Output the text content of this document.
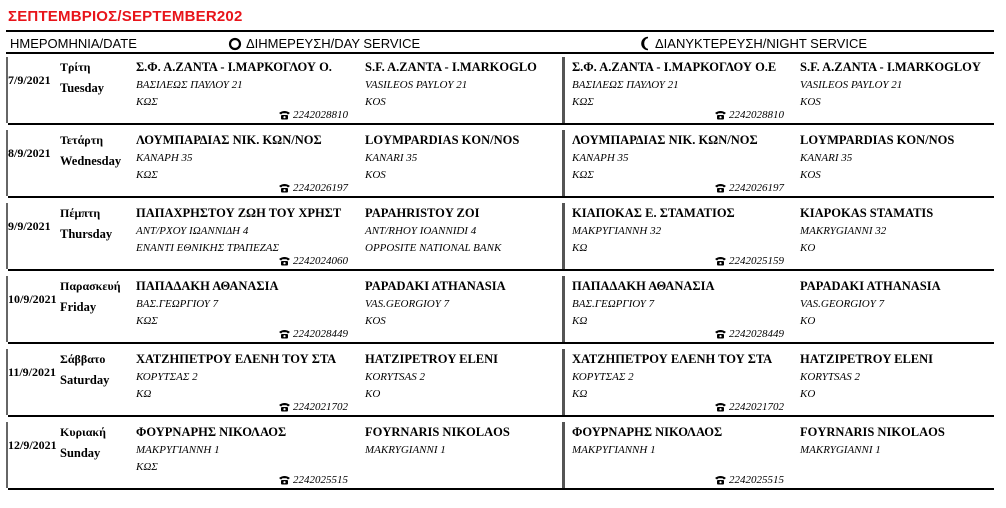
ΣΕΠΤΕΜΒΡΙΟΣ/SEPTEMBER202
ΗΜΕΡΟΜΗΝΙΑ/DATE	ΔΙΗΜΕΡΕΥΣΗ/DAY SERVICE	ΔΙΑΝΥΚΤΕΡΕΥΣΗ/NIGHT SERVICE
7/9/2021
Τρίτη
Tuesday
Σ.Φ. Α.ΖΑΝΤΑ - Ι.ΜΑΡΚΟΓΛΟΥ Ο.
ΒΑΣΙΛΕΩΣ ΠΑΥΛΟΥ 21
ΚΩΣ
S.F. A.ZANTA - I.MARKOGLO
VASILEOS PAYLOY 21
KOS
2242028810
Σ.Φ. Α.ΖΑΝΤΑ - Ι.ΜΑΡΚΟΓΛΟΥ Ο.Ε
ΒΑΣΙΛΕΩΣ ΠΑΥΛΟΥ 21
ΚΩΣ
S.F. A.ZANTA - I.MARKOGLOY
VASILEOS PAYLOY 21
KOS
2242028810
8/9/2021
Τετάρτη
Wednesday
ΛΟΥΜΠΑΡΔΙΑΣ ΝΙΚ. ΚΩΝ/ΝΟΣ
ΚΑΝΑΡΗ 35
ΚΩΣ
LOYMPARDIAS KON/NOS
KANARI 35
KOS
2242026197
ΛΟΥΜΠΑΡΔΙΑΣ ΝΙΚ. ΚΩΝ/ΝΟΣ
ΚΑΝΑΡΗ 35
ΚΩΣ
LOYMPARDIAS KON/NOS
KANARI 35
KOS
2242026197
9/9/2021
Πέμπτη
Thursday
ΠΑΠΑΧΡΗΣΤΟΥ ΖΩΗ ΤΟΥ ΧΡΗΣΤ
ΑΝΤ/ΡΧΟΥ ΙΩΑΝΝΙΔΗ 4
ΕΝΑΝΤΙ ΕΘΝΙΚΗΣ ΤΡΑΠΕΖΑΣ
PAPAHRISTOY ZOI
ANT/RHOY IOANNIDI 4
OPPOSITE NATIONAL BANK
2242024060
ΚΙΑΠΟΚΑΣ Ε. ΣΤΑΜΑΤΙΟΣ
ΜΑΚΡΥΓΙΑΝΝΗ 32
ΚΩ
KIAPOKAS STAMATIS
MAKRYGIANNI 32
KO
2242025159
10/9/2021
Παρασκευή
Friday
ΠΑΠΑΔΑΚΗ ΑΘΑΝΑΣΙΑ
ΒΑΣ.ΓΕΩΡΓΙΟΥ 7
ΚΩΣ
PAPADAKI ATHANASIA
VAS.GEORGIOY 7
KOS
2242028449
ΠΑΠΑΔΑΚΗ ΑΘΑΝΑΣΙΑ
ΒΑΣ.ΓΕΩΡΓΙΟΥ 7
ΚΩ
PAPADAKI ATHANASIA
VAS.GEORGIOY 7
KO
2242028449
11/9/2021
Σάββατο
Saturday
ΧΑΤΖΗΠΕΤΡΟΥ ΕΛΕΝΗ ΤΟΥ ΣΤΑ
ΚΟΡΥΤΣΑΣ 2
ΚΩ
HATZIPETROY ELENI
KORYTSAS 2
KO
2242021702
ΧΑΤΖΗΠΕΤΡΟΥ ΕΛΕΝΗ ΤΟΥ ΣΤΑ
ΚΟΡΥΤΣΑΣ 2
ΚΩ
HATZIPETROY ELENI
KORYTSAS 2
KO
2242021702
12/9/2021
Κυριακή
Sunday
ΦΟΥΡΝΑΡΗΣ ΝΙΚΟΛΑΟΣ
ΜΑΚΡΥΓΙΑΝΝΗ 1
ΚΩΣ
FOYRNARIS NIKOLAOS
MAKRYGIANNI 1
2242025515
ΦΟΥΡΝΑΡΗΣ ΝΙΚΟΛΑΟΣ
ΜΑΚΡΥΓΙΑΝΝΗ 1
FOYRNARIS NIKOLAOS
MAKRYGIANNI 1
2242025515
